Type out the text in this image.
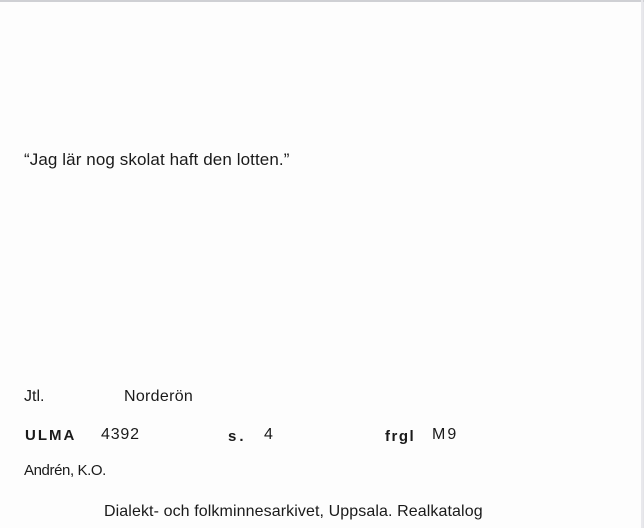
“Jag lär nog skolat haft den lotten.”
Jtl.	Norderön
ULMA 4392	s. 4	frgl M9
Andrén, K.O.
Dialekt- och folkminnesarkivet, Uppsala. Realkatalog
